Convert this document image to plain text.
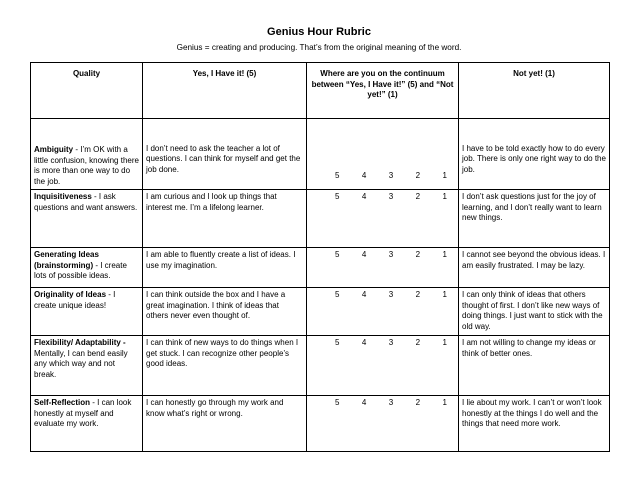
Genius Hour Rubric
Genius = creating and producing. That’s from the original meaning of the word.
Quality	Yes, I Have it! (5)	Where are you on the continuum between “Yes, I Have it!” (5) and “Not yet!” (1)	Not yet! (1)
Ambiguity - I’m OK with a little confusion, knowing there is more than one way to do the job.	I don’t need to ask the teacher a lot of questions. I can think for myself and get the job done.	5 4 3 2 1	I have to be told exactly how to do every job. There is only one right way to do the job.
Inquisitiveness - I ask questions and want answers.	I am curious and I look up things that interest me. I’m a lifelong learner.	5 4 3 2 1	I don’t ask questions just for the joy of learning, and I don’t really want to learn new things.
Generating Ideas (brainstorming) - I create lots of possible ideas.	I am able to fluently create a list of ideas. I use my imagination.	5 4 3 2 1	I cannot see beyond the obvious ideas. I am easily frustrated. I may be lazy.
Originality of Ideas - I create unique ideas!	I can think outside the box and I have a great imagination. I think of ideas that others never even thought of.	5 4 3 2 1	I can only think of ideas that others thought of first. I don’t like new ways of doing things. I just want to stick with the old way.
Flexibility/ Adaptability - Mentally, I can bend easily any which way and not break.	I can think of new ways to do things when I get stuck. I can recognize other people’s good ideas.	5 4 3 2 1	I am not willing to change my ideas or think of better ones.
Self-Reflection - I can look honestly at myself and evaluate my work.	I can honestly go through my work and know what’s right or wrong.	5 4 3 2 1	I lie about my work. I can’t or won’t look honestly at the things I do well and the things that need more work.
